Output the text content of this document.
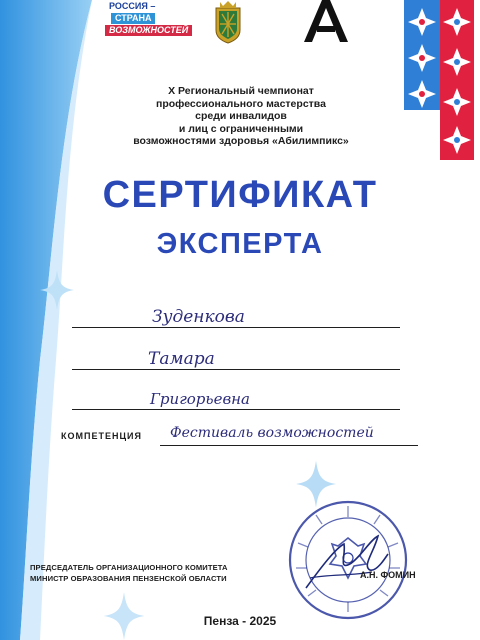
РОССИЯ –
СТРАНА
ВОЗМОЖНОСТЕЙ
X Региональный чемпионат
профессионального мастерства
среди инвалидов
и лиц с ограниченными
возможностями здоровья «Абилимпикс»
СЕРТИФИКАТ
ЭКСПЕРТА
Зуденкова
Тамара
Григорьевна
КОМПЕТЕНЦИЯ Фестиваль возможностей
ПРЕДСЕДАТЕЛЬ ОРГАНИЗАЦИОННОГО КОМИТЕТА
МИНИСТР ОБРАЗОВАНИЯ ПЕНЗЕНСКОЙ ОБЛАСТИ	А.Н. ФОМИН
Пенза - 2025
